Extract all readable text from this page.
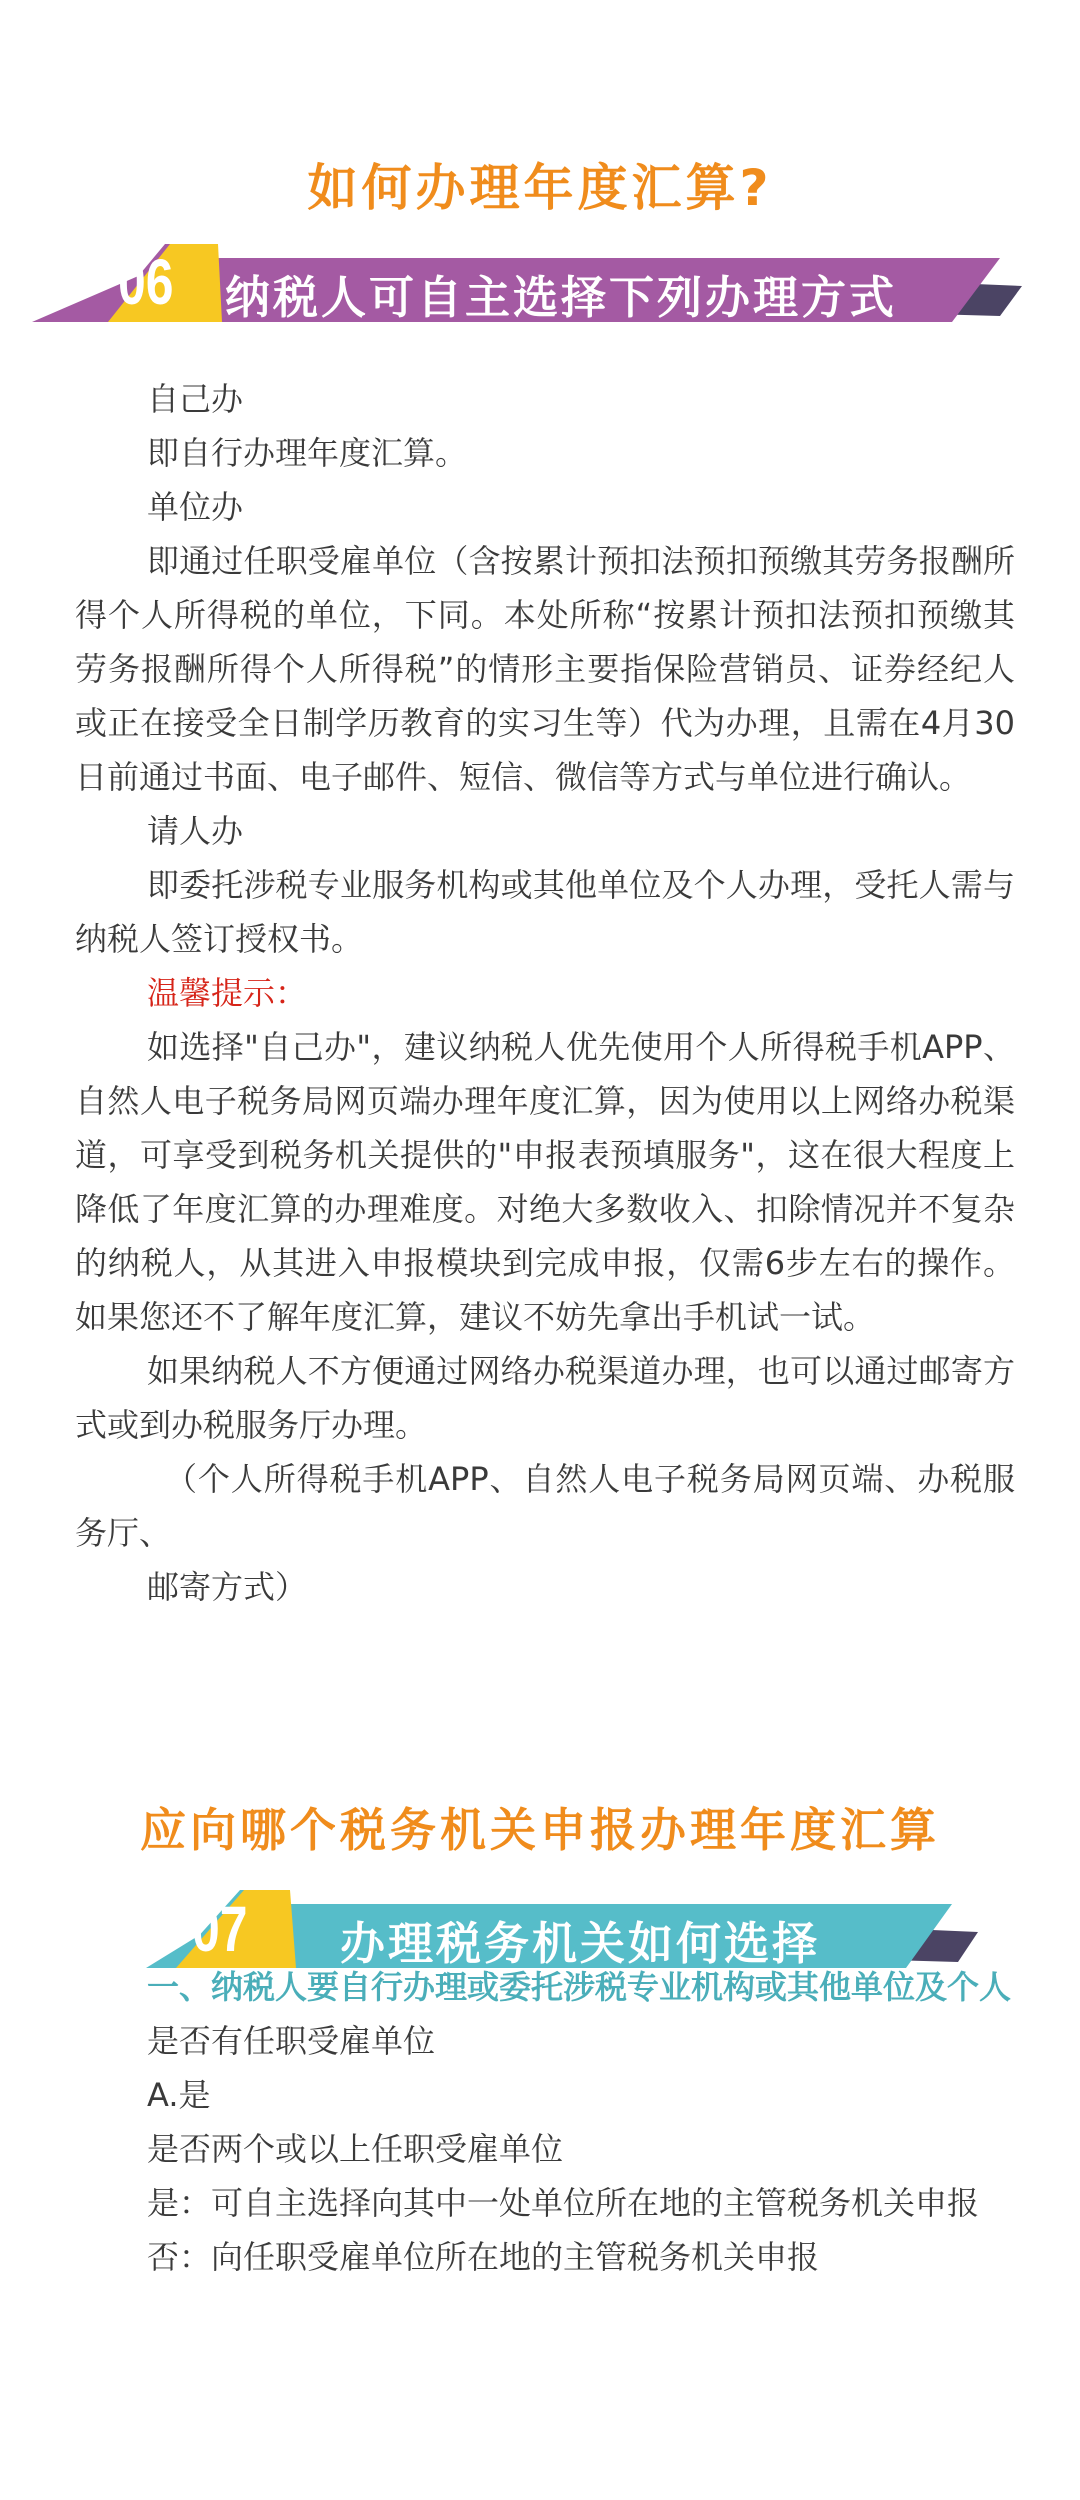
如何办理年度汇算?
06 纳税人可自主选择下列办理方式

自己办

即自行办理年度汇算。

单位办

即通过任职受雇单位（含按累计预扣法预扣预缴其劳务报酬所得个人所得税的单位，下同。本处所称“按累计预扣法预扣预缴其劳务报酬所得个人所得税”的情形主要指保险营销员、证券经纪人或正在接受全日制学历教育的实习生等）代为办理，且需在4月30日前通过书面、电子邮件、短信、微信等方式与单位进行确认。

请人办

即委托涉税专业服务机构或其他单位及个人办理，受托人需与纳税人签订授权书。

温馨提示：

如选择"自己办"，建议纳税人优先使用个人所得税手机APP、自然人电子税务局网页端办理年度汇算，因为使用以上网络办税渠道，可享受到税务机关提供的"申报表预填服务"，这在很大程度上降低了年度汇算的办理难度。对绝大多数收入、扣除情况并不复杂的纳税人，从其进入申报模块到完成申报，仅需6步左右的操作。如果您还不了解年度汇算，建议不妨先拿出手机试一试。

如果纳税人不方便通过网络办税渠道办理，也可以通过邮寄方式或到办税服务厅办理。

（个人所得税手机APP、自然人电子税务局网页端、办税服务厅、

邮寄方式）

应向哪个税务机关申报办理年度汇算
07 办理税务机关如何选择

一、纳税人要自行办理或委托涉税专业机构或其他单位及个人

是否有任职受雇单位

A.是

是否两个或以上任职受雇单位

是：可自主选择向其中一处单位所在地的主管税务机关申报

否：向任职受雇单位所在地的主管税务机关申报
